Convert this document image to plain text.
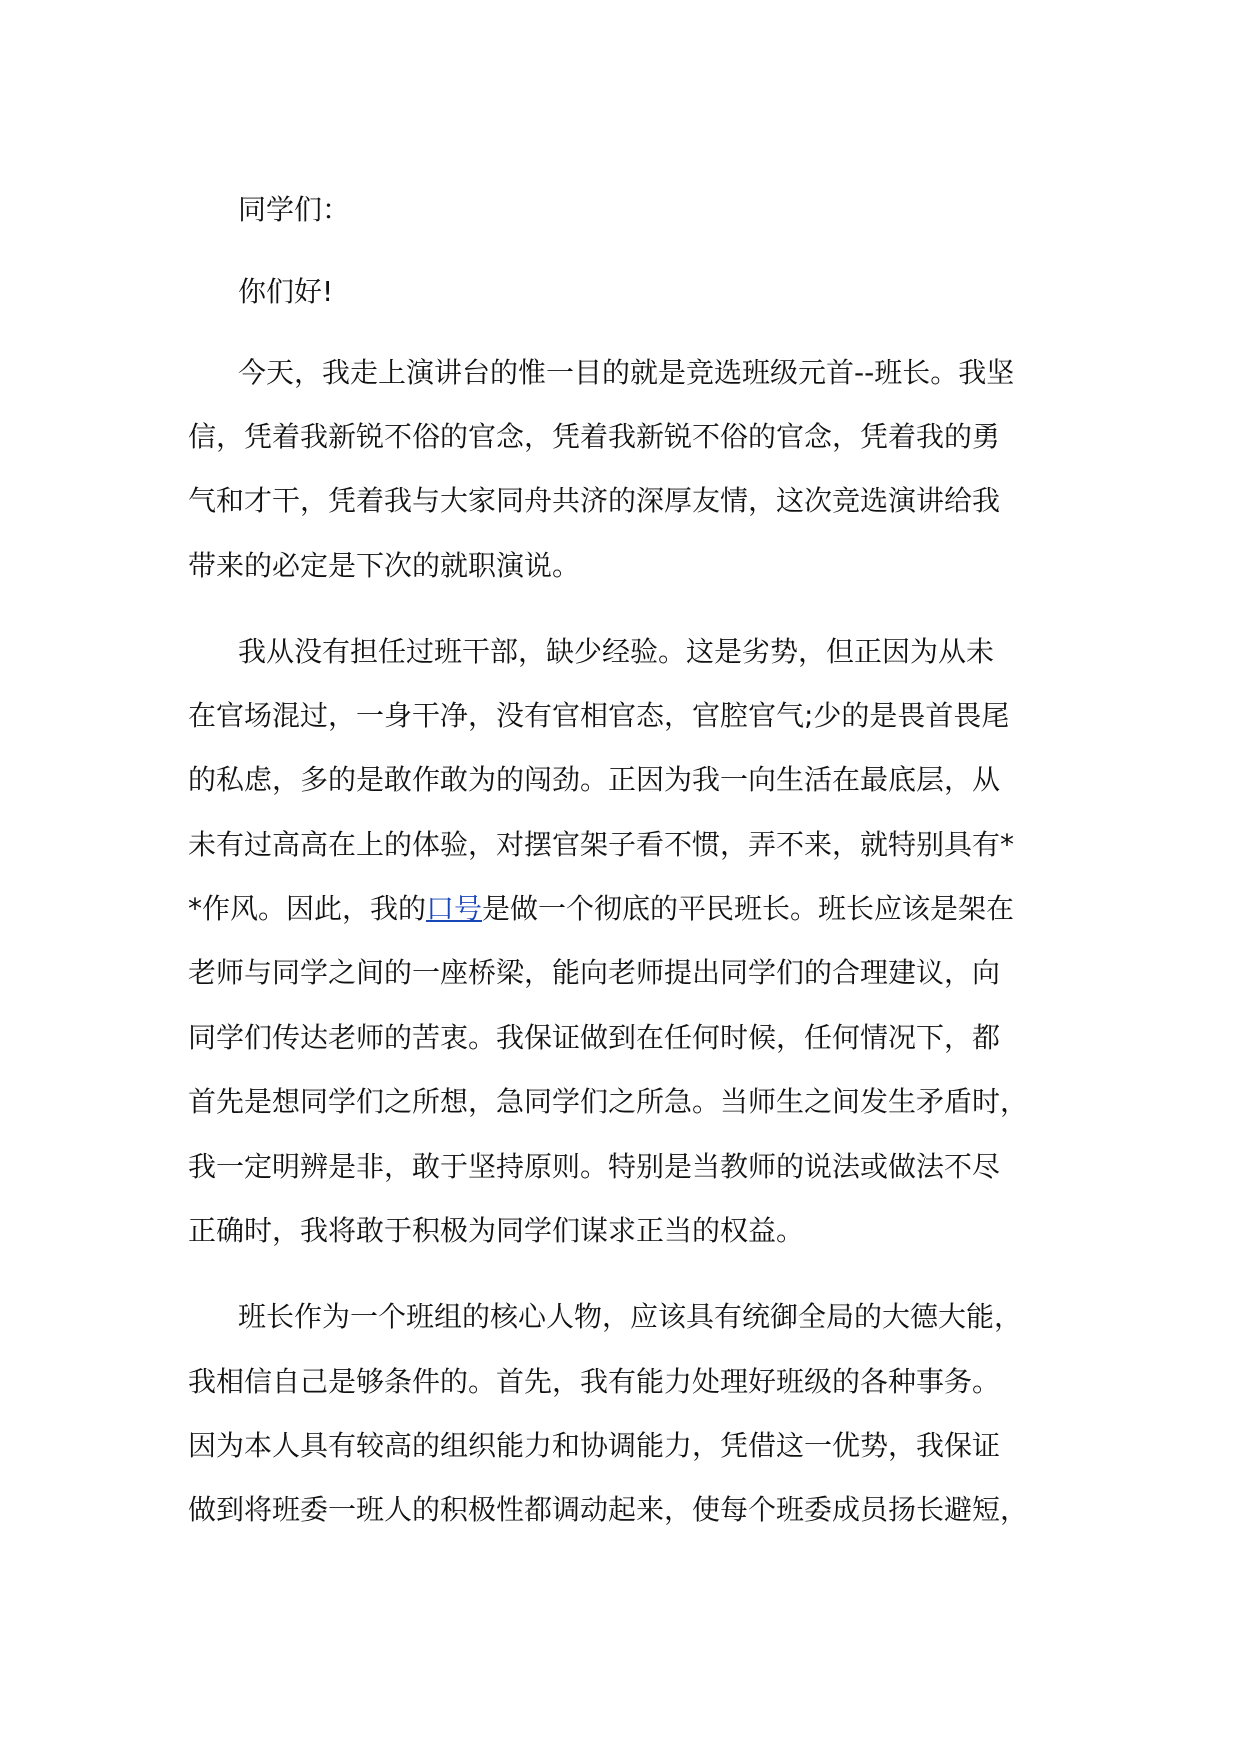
同学们：

你们好!

今天，我走上演讲台的惟一目的就是竞选班级元首--班长。我坚

信，凭着我新锐不俗的官念，凭着我新锐不俗的官念，凭着我的勇

气和才干，凭着我与大家同舟共济的深厚友情，这次竞选演讲给我

带来的必定是下次的就职演说。

我从没有担任过班干部，缺少经验。这是劣势，但正因为从未

在官场混过，一身干净，没有官相官态，官腔官气;少的是畏首畏尾

的私虑，多的是敢作敢为的闯劲。正因为我一向生活在最底层，从

未有过高高在上的体验，对摆官架子看不惯，弄不来，就特别具有*

*作风。因此，我的口号是做一个彻底的平民班长。班长应该是架在

老师与同学之间的一座桥梁，能向老师提出同学们的合理建议，向

同学们传达老师的苦衷。我保证做到在任何时候，任何情况下，都

首先是想同学们之所想，急同学们之所急。当师生之间发生矛盾时，

我一定明辨是非，敢于坚持原则。特别是当教师的说法或做法不尽

正确时，我将敢于积极为同学们谋求正当的权益。

班长作为一个班组的核心人物，应该具有统御全局的大德大能，

我相信自己是够条件的。首先，我有能力处理好班级的各种事务。

因为本人具有较高的组织能力和协调能力，凭借这一优势，我保证

做到将班委一班人的积极性都调动起来，使每个班委成员扬长避短，
